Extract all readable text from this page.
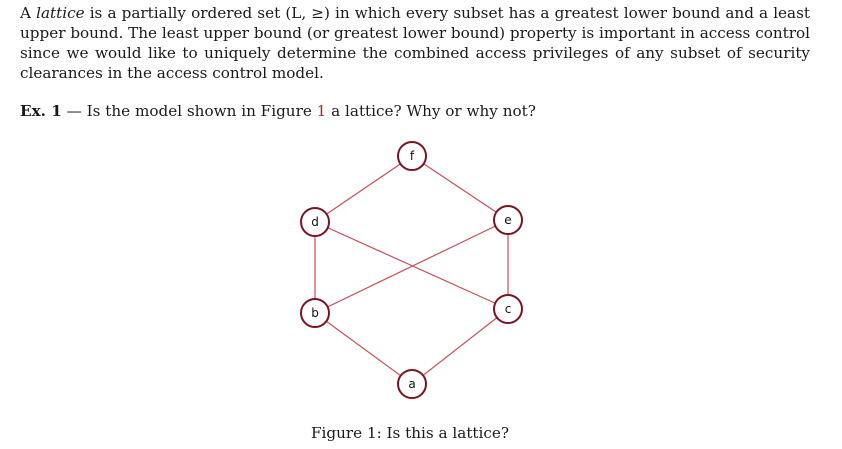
A lattice is a partially ordered set (L, ≥) in which every subset has a greatest lower bound and a least upper bound. The least upper bound (or greatest lower bound) property is important in access control since we would like to uniquely determine the combined access privileges of any subset of security clearances in the access control model.
Ex. 1 — Is the model shown in Figure 1 a lattice? Why or why not?
f
d	e
b	c
a
Figure 1: Is this a lattice?
